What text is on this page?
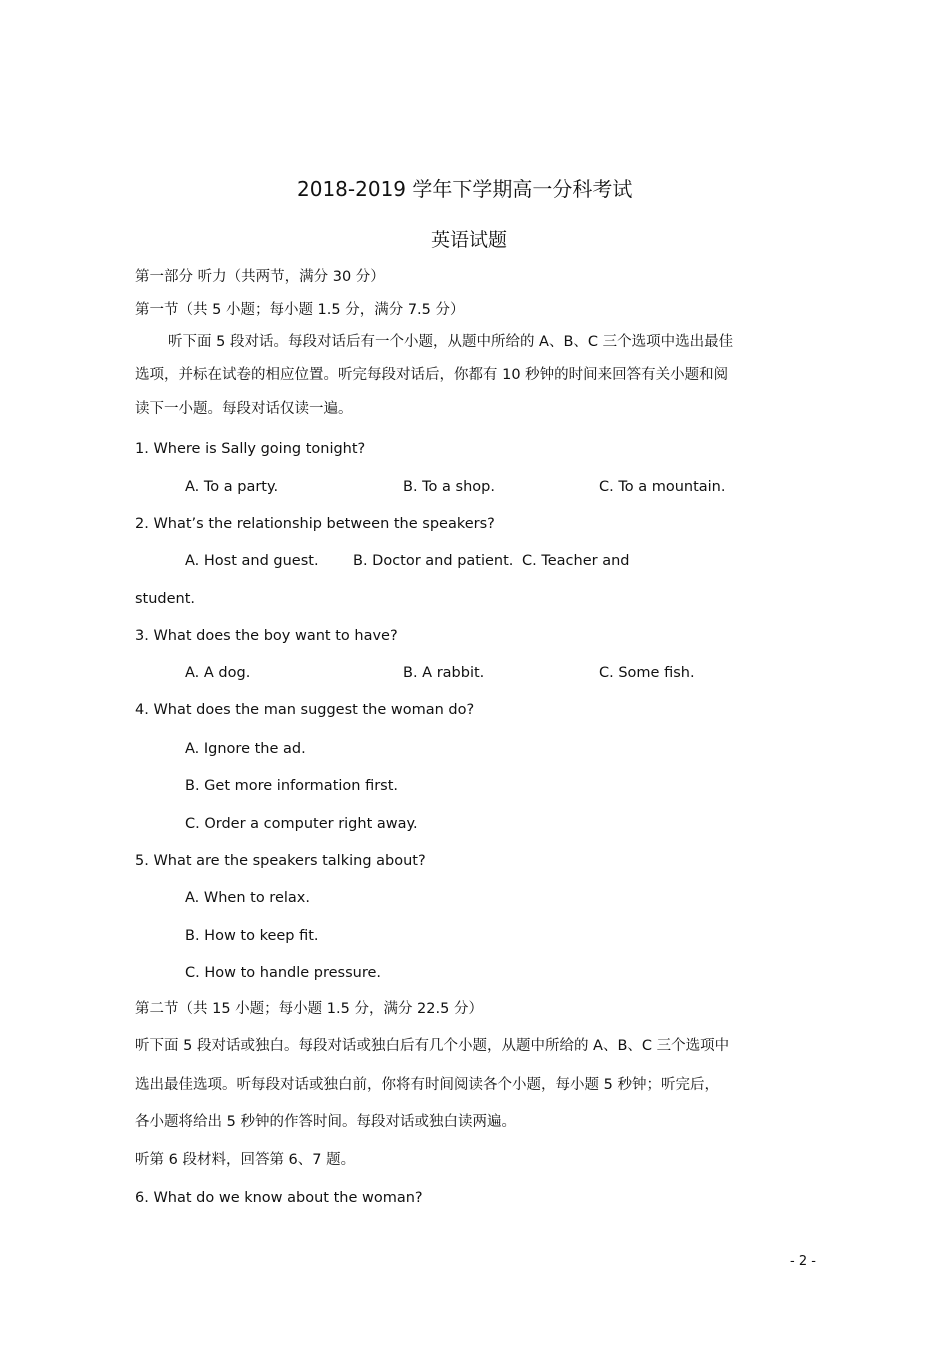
2018-2019 学年下学期高一分科考试
英语试题
第一部分 听力（共两节，满分 30 分）
第一节（共 5 小题；每小题 1.5 分，满分 7.5 分）
听下面 5 段对话。每段对话后有一个小题，从题中所给的 A、B、C 三个选项中选出最佳
选项，并标在试卷的相应位置。听完每段对话后，你都有 10 秒钟的时间来回答有关小题和阅
读下一小题。每段对话仅读一遍。
1. Where is Sally going tonight?
A. To a party.	B. To a shop.	C. To a mountain.
2. What’s the relationship between the speakers?
A. Host and guest. B. Doctor and patient. C. Teacher and
student.
3. What does the boy want to have?
A. A dog.	B. A rabbit.	C. Some fish.
4. What does the man suggest the woman do?
A. Ignore the ad.
B. Get more information first.
C. Order a computer right away.
5. What are the speakers talking about?
A. When to relax.
B. How to keep fit.
C. How to handle pressure.
第二节（共 15 小题；每小题 1.5 分，满分 22.5 分）
听下面 5 段对话或独白。每段对话或独白后有几个小题，从题中所给的 A、B、C 三个选项中
选出最佳选项。听每段对话或独白前，你将有时间阅读各个小题，每小题 5 秒钟；听完后，
各小题将给出 5 秒钟的作答时间。每段对话或独白读两遍。
听第 6 段材料，回答第 6、7 题。
6. What do we know about the woman?
- 2 -
